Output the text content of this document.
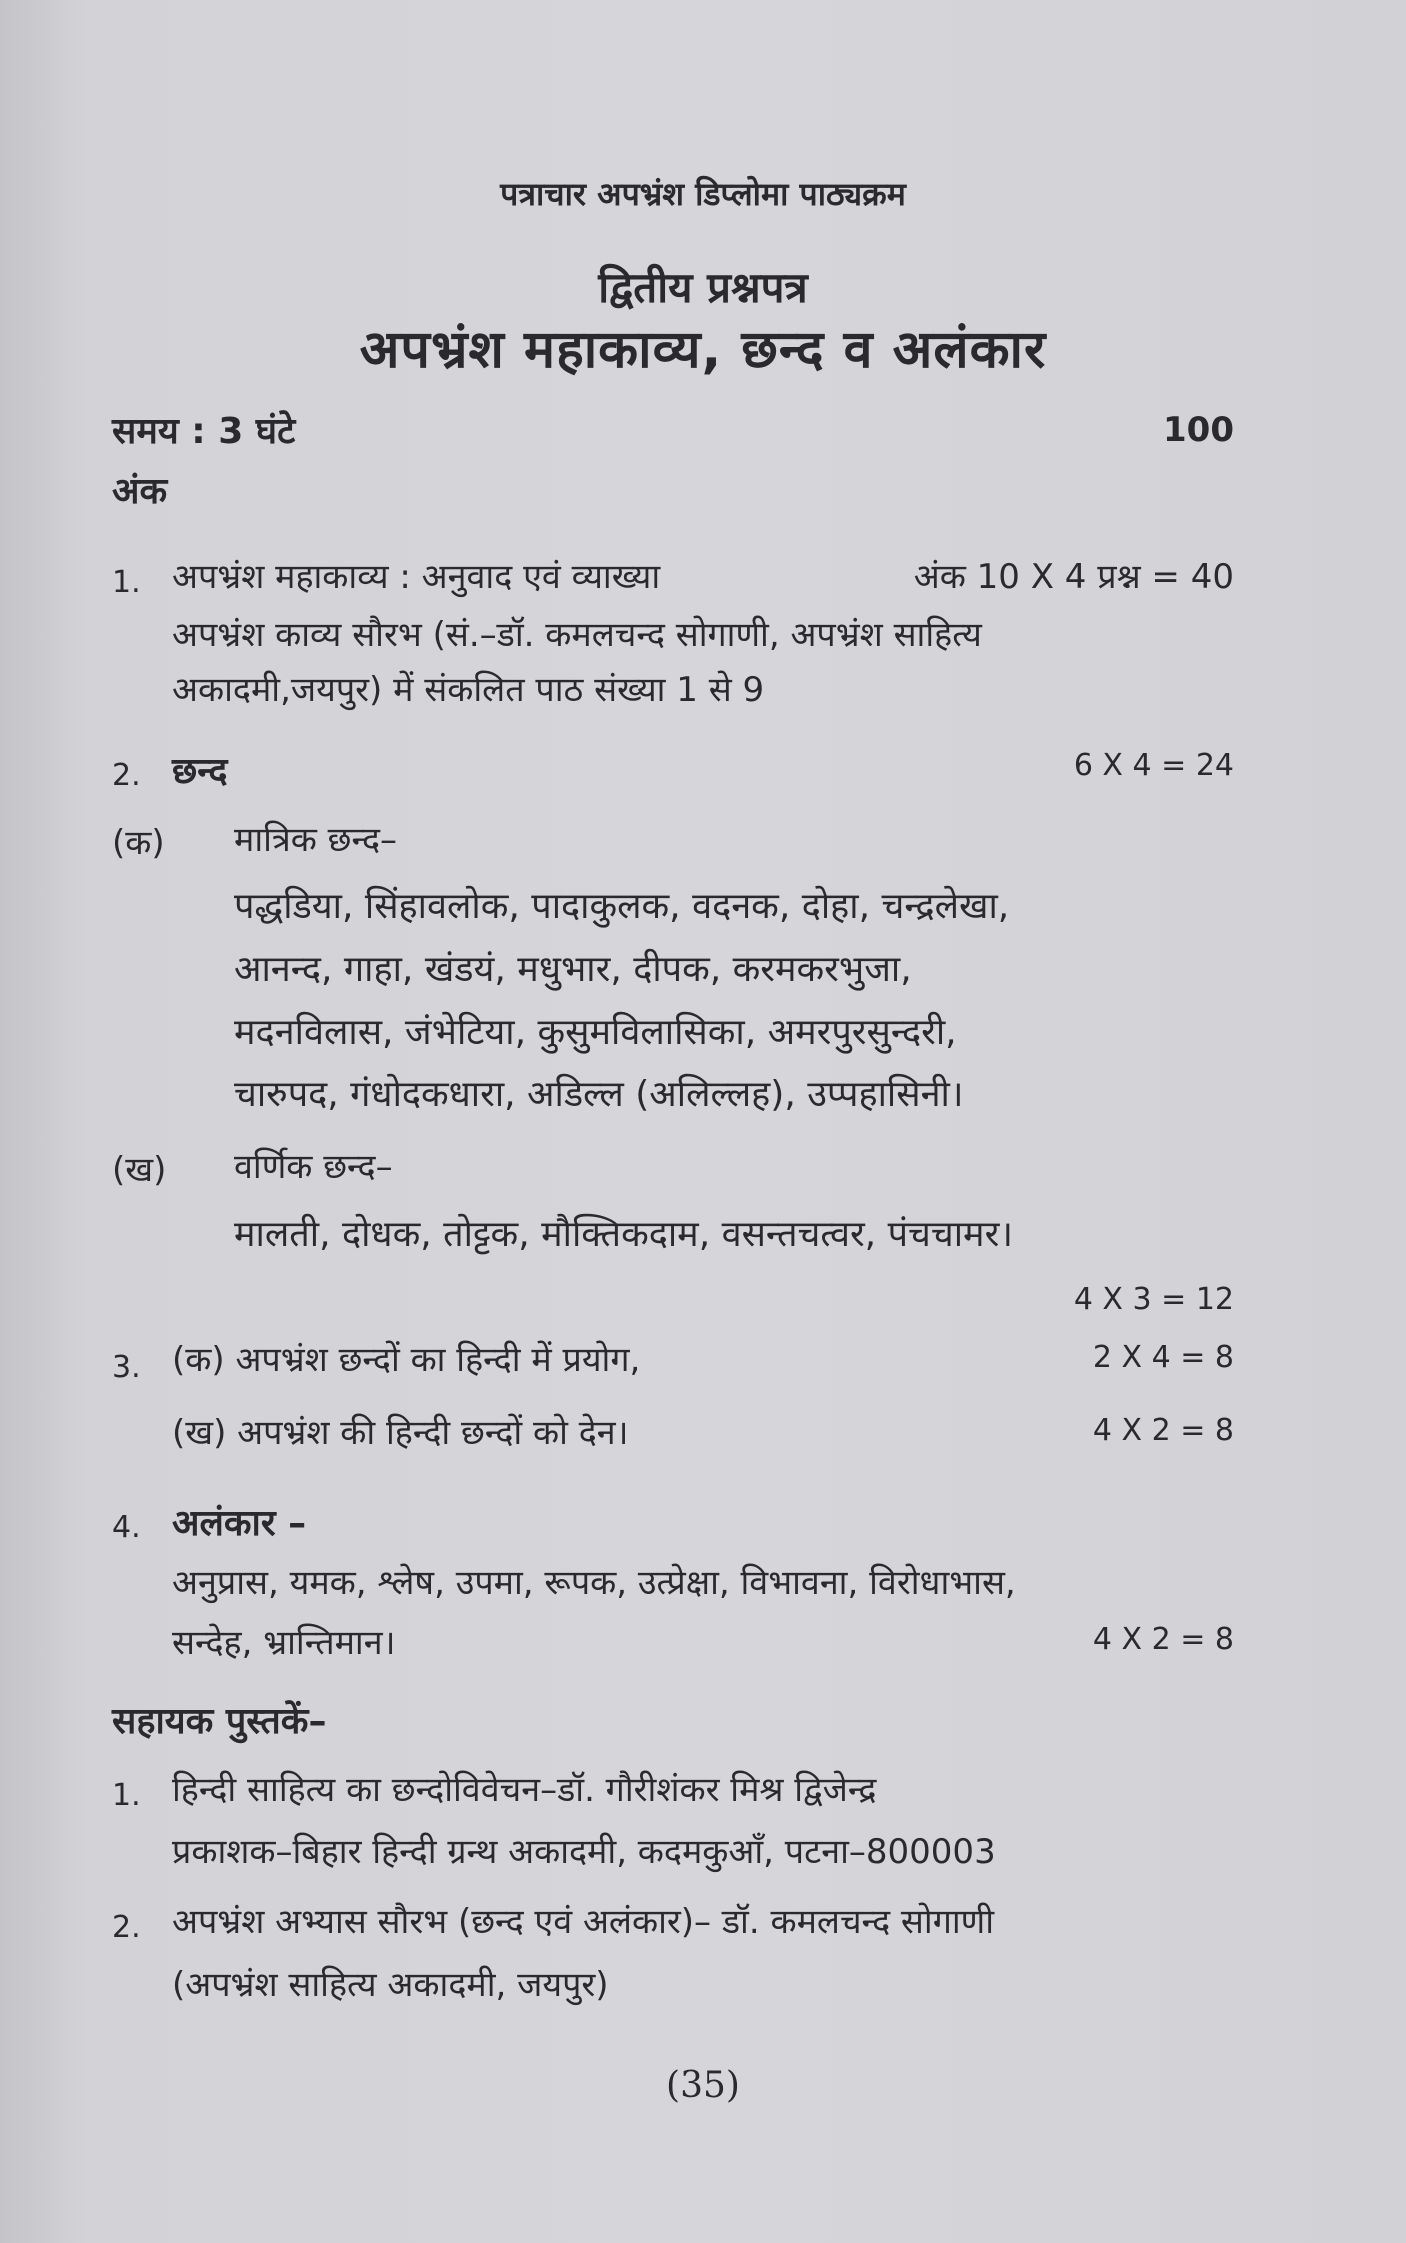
पत्राचार अपभ्रंश डिप्लोमा पाठ्यक्रम
द्वितीय प्रश्नपत्र
अपभ्रंश महाकाव्य, छन्द व अलंकार
समय : 3 घंटे	100
अंक
1. अपभ्रंश महाकाव्य : अनुवाद एवं व्याख्या	अंक 10 X 4 प्रश्न = 40
अपभ्रंश काव्य सौरभ (सं.–डॉ. कमलचन्द सोगाणी, अपभ्रंश साहित्य
अकादमी,जयपुर) में संकलित पाठ संख्या 1 से 9
2. छन्द	6 X 4 = 24
(क) मात्रिक छन्द–
पद्धडिया, सिंहावलोक, पादाकुलक, वदनक, दोहा, चन्द्रलेखा,
आनन्द, गाहा, खंडयं, मधुभार, दीपक, करमकरभुजा,
मदनविलास, जंभेटिया, कुसुमविलासिका, अमरपुरसुन्दरी,
चारुपद, गंधोदकधारा, अडिल्ल (अलिल्लह), उप्पहासिनी।
(ख) वर्णिक छन्द–
मालती, दोधक, तोट्टक, मौक्तिकदाम, वसन्तचत्वर, पंचचामर।
4 X 3 = 12
3. (क) अपभ्रंश छन्दों का हिन्दी में प्रयोग,	2 X 4 = 8
(ख) अपभ्रंश की हिन्दी छन्दों को देन।	4 X 2 = 8
4. अलंकार –
अनुप्रास, यमक, श्लेष, उपमा, रूपक, उत्प्रेक्षा, विभावना, विरोधाभास,
सन्देह, भ्रान्तिमान।	4 X 2 = 8
सहायक पुस्तकें–
1. हिन्दी साहित्य का छन्दोविवेचन–डॉ. गौरीशंकर मिश्र द्विजेन्द्र
प्रकाशक–बिहार हिन्दी ग्रन्थ अकादमी, कदमकुआँ, पटना–800003
2. अपभ्रंश अभ्यास सौरभ (छन्द एवं अलंकार)– डॉ. कमलचन्द सोगाणी
(अपभ्रंश साहित्य अकादमी, जयपुर)
(35)
